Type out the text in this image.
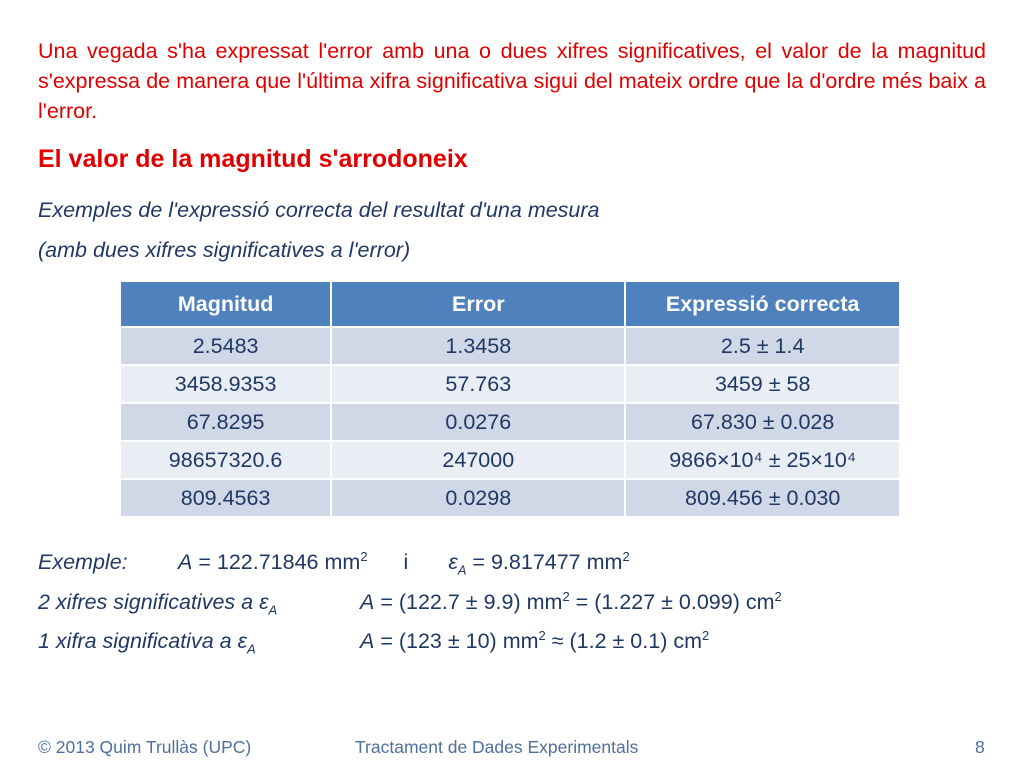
Una vegada s'ha expressat l'error amb una o dues xifres significatives, el valor de la magnitud s'expressa de manera que l'última xifra significativa sigui del mateix ordre que la d'ordre més baix a l'error.
El valor de la magnitud s'arrodoneix
Exemples de l'expressió correcta del resultat d'una mesura
(amb dues xifres significatives a l'error)
Magnitud	Error	Expressió correcta
2.5483	1.3458	2.5 ± 1.4
3458.9353	57.763	3459 ± 58
67.8295	0.0276	67.830 ± 0.028
98657320.6	247000	9866×10⁴ ± 25×10⁴
809.4563	0.0298	809.456 ± 0.030
Exemple: A = 122.71846 $mm^2$ i $\varepsilon_A = 9.817477$ $mm^2$
2 xifres significatives a $\varepsilon_A$	A = (122.7 ± 9.9) $mm^2 = (1.227 \pm 0.099)$ $cm^2$
1 xifra significativa a $\varepsilon_A$	A = (123 ± 10) $mm^2 \approx (1.2 \pm 0.1)$ $cm^2$
© 2013 Quim Trullàs (UPC)	Tractament de Dades Experimentals	8
